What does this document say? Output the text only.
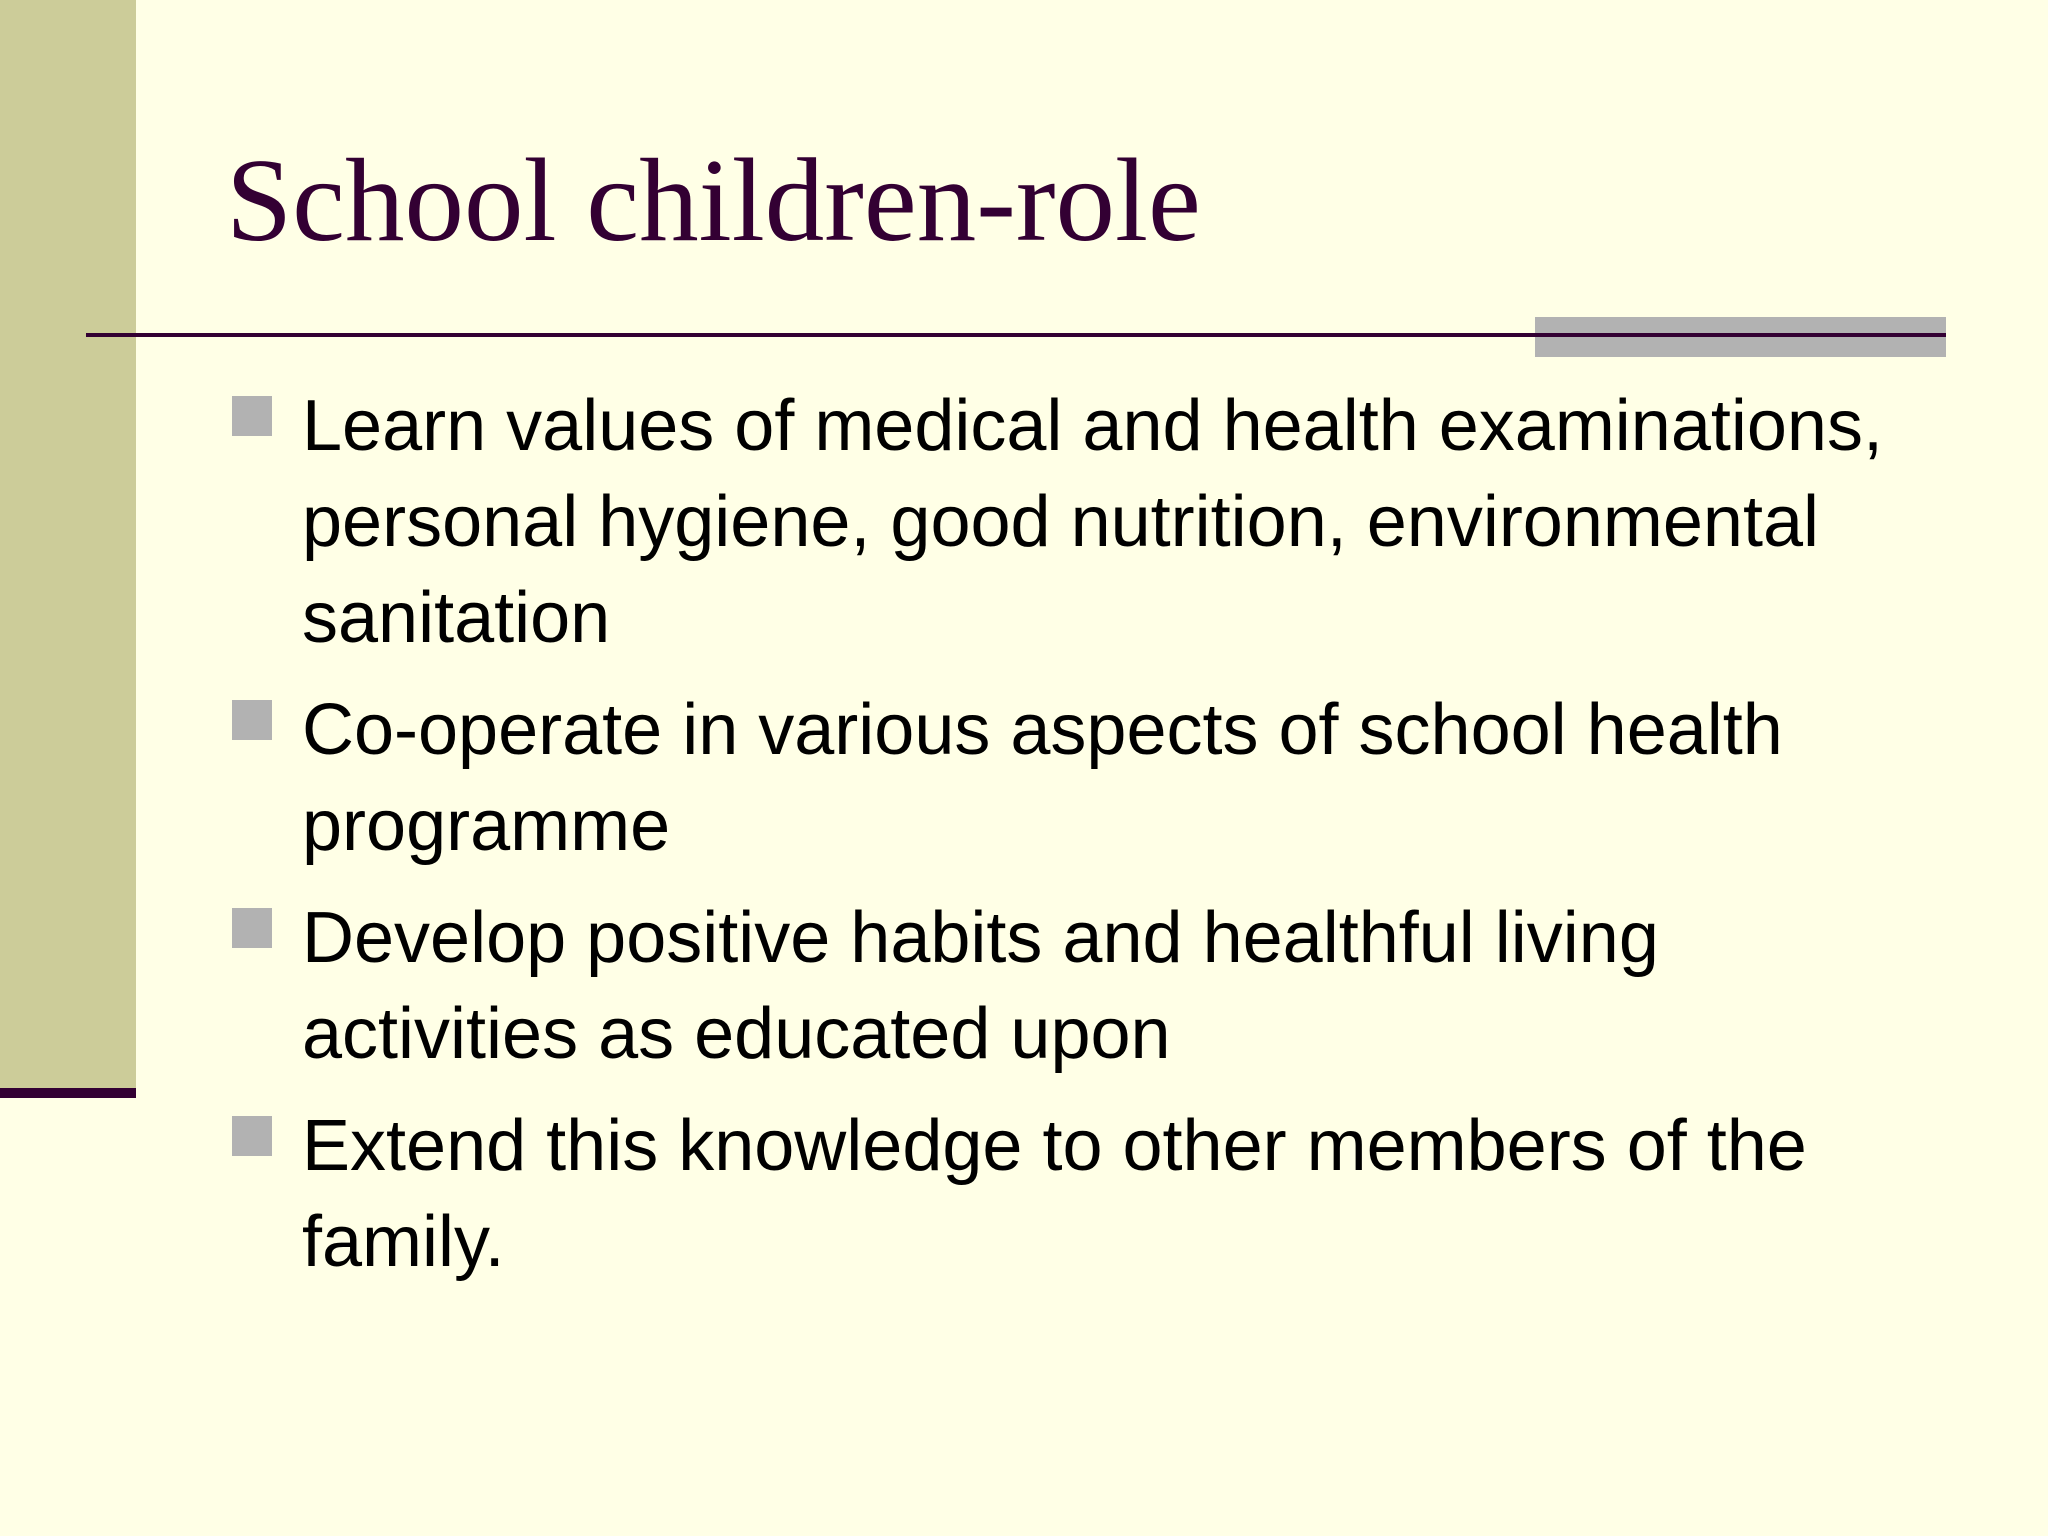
School children-role
Learn values of medical and health examinations, personal hygiene, good nutrition, environmental sanitation
Co-operate in various aspects of school health programme
Develop positive habits and healthful living activities as educated upon
Extend this knowledge to other members of the family.
